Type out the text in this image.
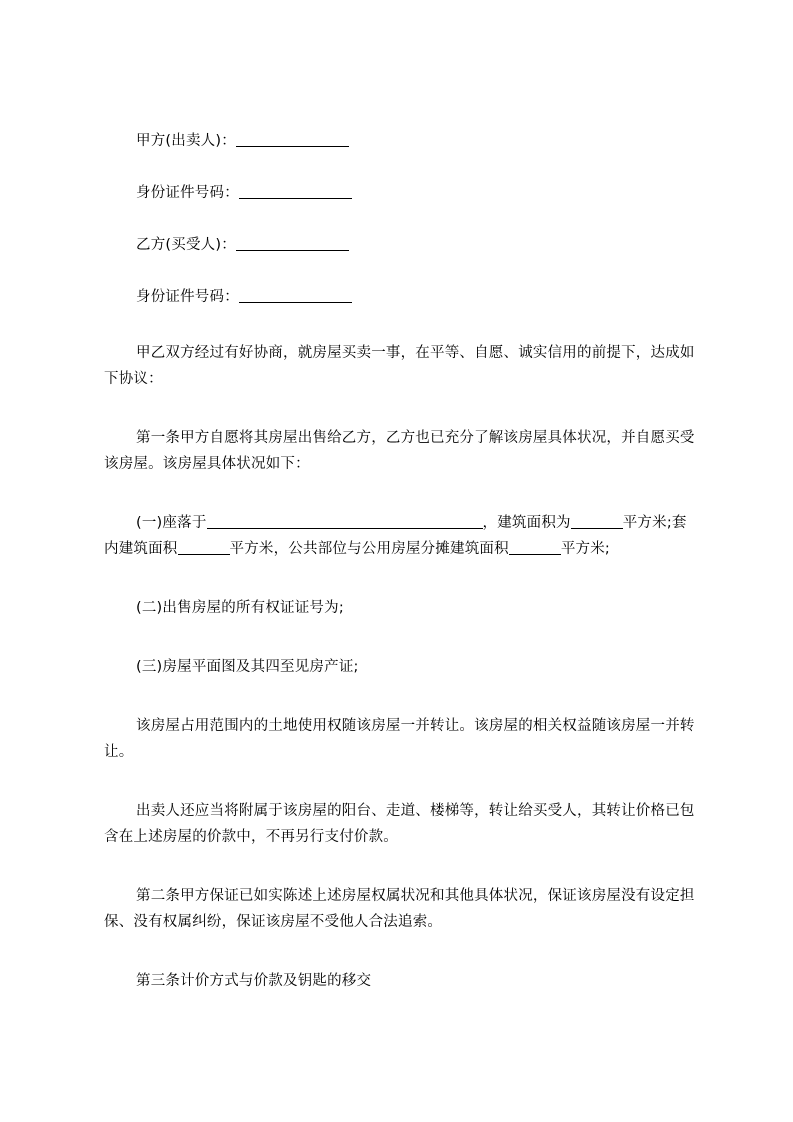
甲方(出卖人)：

身份证件号码：

乙方(买受人)：

身份证件号码：

甲乙双方经过有好协商，就房屋买卖一事，在平等、自愿、诚实信用的前提下，达成如下协议：

第一条甲方自愿将其房屋出售给乙方，乙方也已充分了解该房屋具体状况，并自愿买受该房屋。该房屋具体状况如下：

(一)座落于	，建筑面积为	平方米;套内建筑面积	平方米，公共部位与公用房屋分摊建筑面积	平方米;

(二)出售房屋的所有权证证号为;

(三)房屋平面图及其四至见房产证;

该房屋占用范围内的土地使用权随该房屋一并转让。该房屋的相关权益随该房屋一并转让。

出卖人还应当将附属于该房屋的阳台、走道、楼梯等，转让给买受人，其转让价格已包含在上述房屋的价款中，不再另行支付价款。

第二条甲方保证已如实陈述上述房屋权属状况和其他具体状况，保证该房屋没有设定担保、没有权属纠纷，保证该房屋不受他人合法追索。

第三条计价方式与价款及钥匙的移交
